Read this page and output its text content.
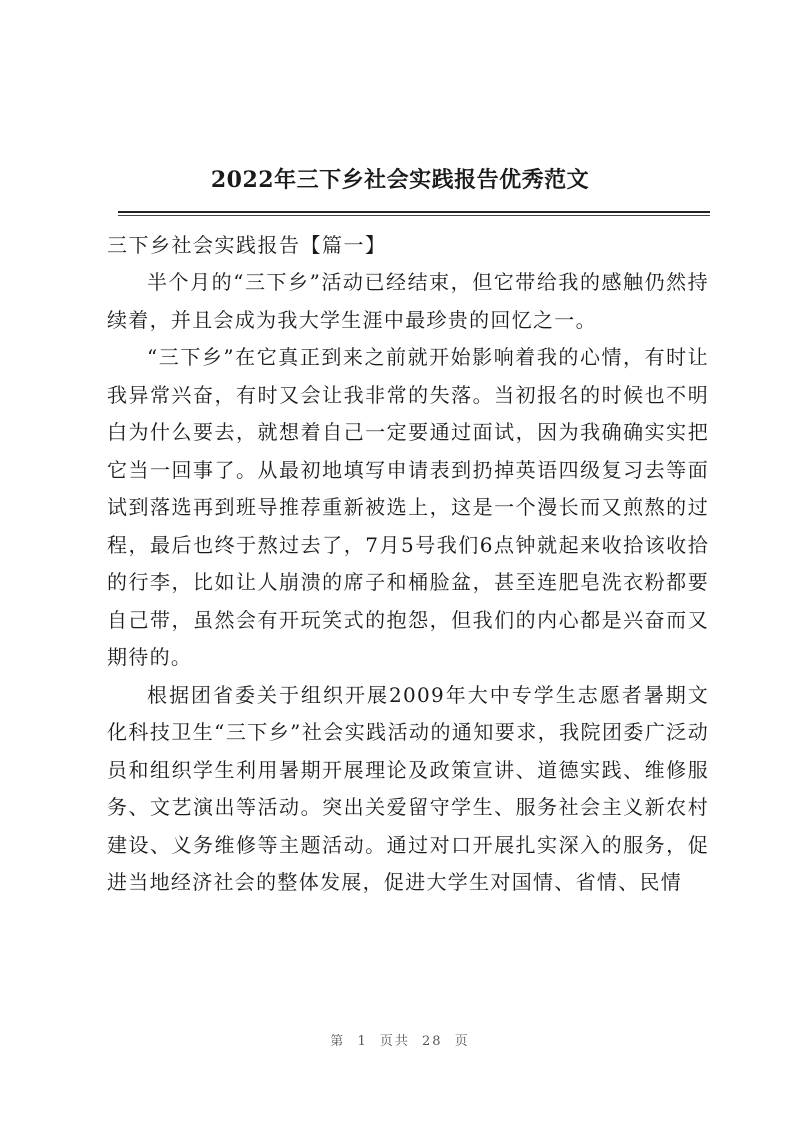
2022年三下乡社会实践报告优秀范文
三下乡社会实践报告【篇一】

半个月的“三下乡”活动已经结束，但它带给我的感触仍然持续着，并且会成为我大学生涯中最珍贵的回忆之一。

“三下乡”在它真正到来之前就开始影响着我的心情，有时让我异常兴奋，有时又会让我非常的失落。当初报名的时候也不明白为什么要去，就想着自己一定要通过面试，因为我确确实实把它当一回事了。从最初地填写申请表到扔掉英语四级复习去等面试到落选再到班导推荐重新被选上，这是一个漫长而又煎熬的过程，最后也终于熬过去了，7月5号我们6点钟就起来收拾该收拾的行李，比如让人崩溃的席子和桶脸盆，甚至连肥皂洗衣粉都要自己带，虽然会有开玩笑式的抱怨，但我们的内心都是兴奋而又期待的。

根据团省委关于组织开展2009年大中专学生志愿者暑期文化科技卫生“三下乡”社会实践活动的通知要求，我院团委广泛动员和组织学生利用暑期开展理论及政策宣讲、道德实践、维修服务、文艺演出等活动。突出关爱留守学生、服务社会主义新农村建设、义务维修等主题活动。通过对口开展扎实深入的服务，促进当地经济社会的整体发展，促进大学生对国情、省情、民情

第 1 页共 28 页
